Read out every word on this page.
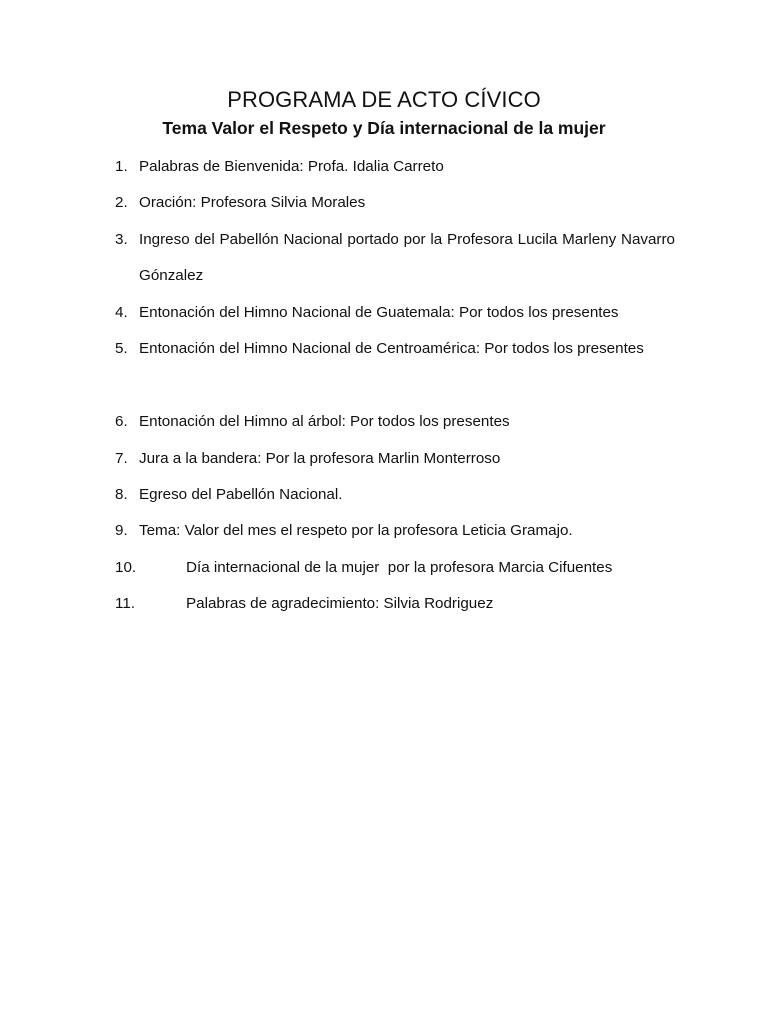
PROGRAMA DE ACTO CÍVICO
Tema Valor el Respeto y Día internacional de la mujer
1. Palabras de Bienvenida: Profa. Idalia Carreto
2. Oración: Profesora Silvia Morales
3. Ingreso del Pabellón Nacional portado por la Profesora Lucila Marleny Navarro Gónzalez
4. Entonación del Himno Nacional de Guatemala: Por todos los presentes
5. Entonación del Himno Nacional de Centroamérica: Por todos los presentes
6. Entonación del Himno al árbol: Por todos los presentes
7. Jura a la bandera: Por la profesora Marlin Monterroso
8. Egreso del Pabellón Nacional.
9. Tema: Valor del mes el respeto por la profesora Leticia Gramajo.
10.	Día internacional de la mujer  por la profesora Marcia Cifuentes
11.	Palabras de agradecimiento: Silvia Rodriguez
